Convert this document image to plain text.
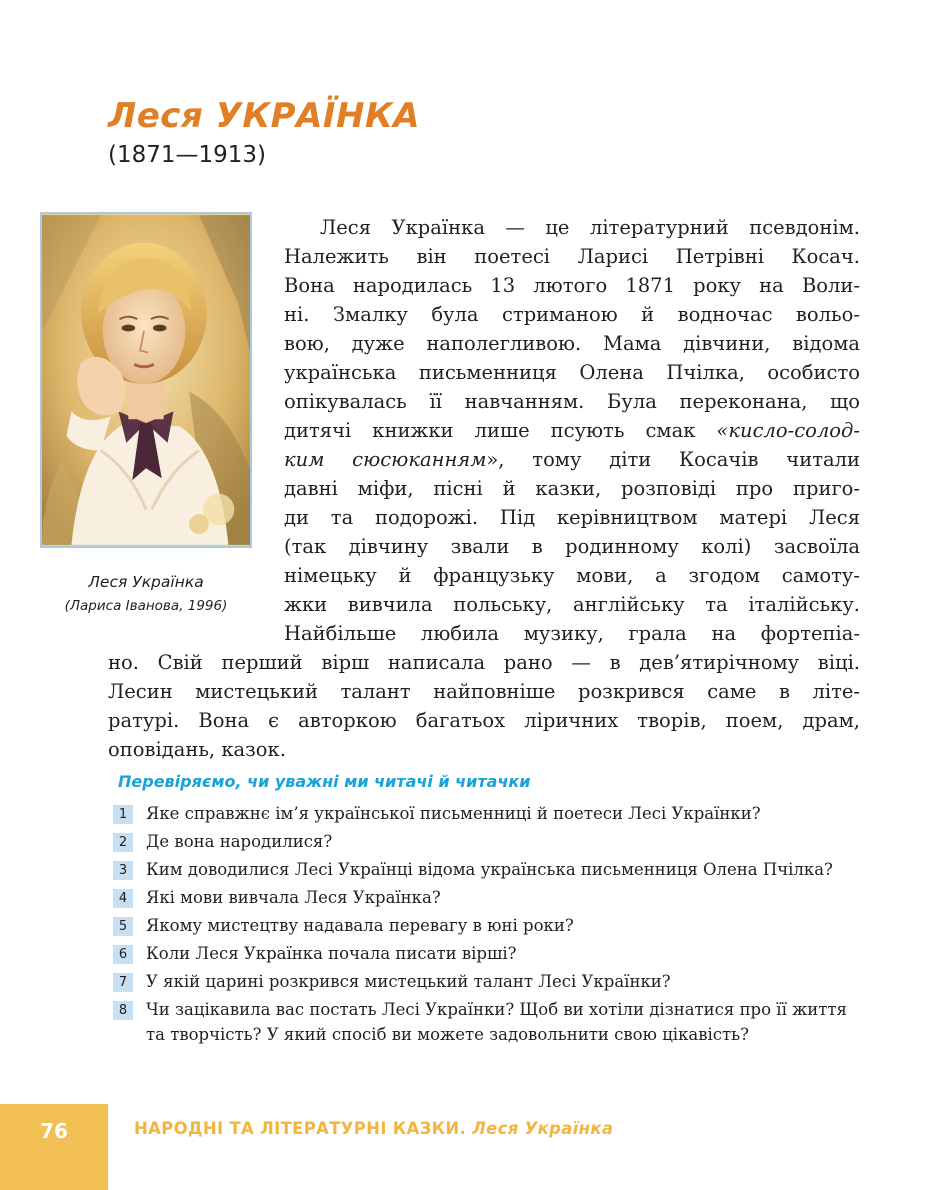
Леся УКРАЇНКА
(1871—1913)
Леся Українка
(Лариса Іванова, 1996)
Леся Українка — це літературний псевдонім.
Належить він поетесі Ларисі Петрівні Косач.
Вона народилась 13 лютого 1871 року на Воли-
ні. Змалку була стриманою й водночас вольо-
вою, дуже наполегливою. Мама дівчини, відома
українська письменниця Олена Пчілка, особисто
опікувалась її навчанням. Була переконана, що
дитячі книжки лише псують смак «кисло-солод-
ким сюсюканням», тому діти Косачів читали
давні міфи, пісні й казки, розповіді про приго-
ди та подорожі. Під керівництвом матері Леся
(так дівчину звали в родинному колі) засвоїла
німецьку й французьку мови, а згодом самоту-
жки вивчила польську, англійську та італійську.
Найбільше любила музику, грала на фортепіа-
но. Свій перший вірш написала рано — в дев’ятирічному віці.
Лесин мистецький талант найповніше розкрився саме в літе-
ратурі. Вона є авторкою багатьох ліричних творів, поем, драм,
оповідань, казок.
Перевіряємо, чи уважні ми читачі й читачки
1	Яке справжнє ім’я української письменниці й поетеси Лесі Українки?
2	Де вона народилися?
3	Ким доводилися Лесі Українці відома українська письменниця Олена Пчілка?
4	Які мови вивчала Леся Українка?
5	Якому мистецтву надавала перевагу в юні роки?
6	Коли Леся Українка почала писати вірші?
7	У якій царині розкрився мистецький талант Лесі Українки?
8	Чи зацікавила вас постать Лесі Українки? Щоб ви хотіли дізнатися про її життя та творчість? У який спосіб ви можете задовольнити свою цікавість?
76	НАРОДНІ ТА ЛІТЕРАТУРНІ КАЗКИ. Леся Українка
